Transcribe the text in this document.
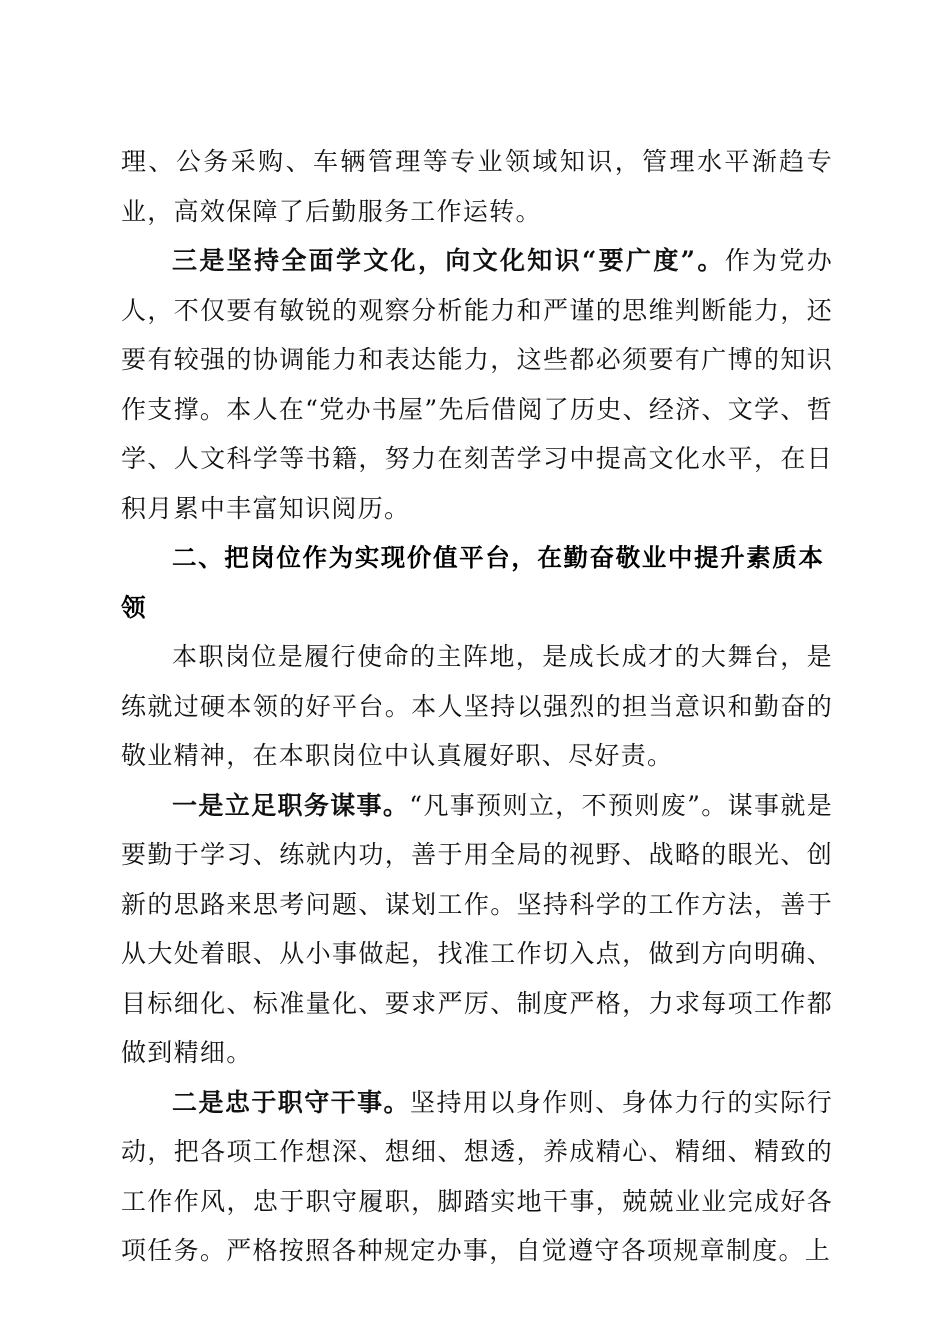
理、公务采购、车辆管理等专业领域知识，管理水平渐趋专业，高效保障了后勤服务工作运转。

三是坚持全面学文化，向文化知识“要广度”。作为党办人，不仅要有敏锐的观察分析能力和严谨的思维判断能力，还要有较强的协调能力和表达能力，这些都必须要有广博的知识作支撑。本人在“党办书屋”先后借阅了历史、经济、文学、哲学、人文科学等书籍，努力在刻苦学习中提高文化水平，在日积月累中丰富知识阅历。

二、把岗位作为实现价值平台，在勤奋敬业中提升素质本领

本职岗位是履行使命的主阵地，是成长成才的大舞台，是练就过硬本领的好平台。本人坚持以强烈的担当意识和勤奋的敬业精神，在本职岗位中认真履好职、尽好责。

一是立足职务谋事。“凡事预则立，不预则废”。谋事就是要勤于学习、练就内功，善于用全局的视野、战略的眼光、创新的思路来思考问题、谋划工作。坚持科学的工作方法，善于从大处着眼、从小事做起，找准工作切入点，做到方向明确、目标细化、标准量化、要求严厉、制度严格，力求每项工作都做到精细。

二是忠于职守干事。坚持用以身作则、身体力行的实际行动，把各项工作想深、想细、想透，养成精心、精细、精致的工作作风，忠于职守履职，脚踏实地干事，兢兢业业完成好各项任务。严格按照各种规定办事，自觉遵守各项规章制度。上
